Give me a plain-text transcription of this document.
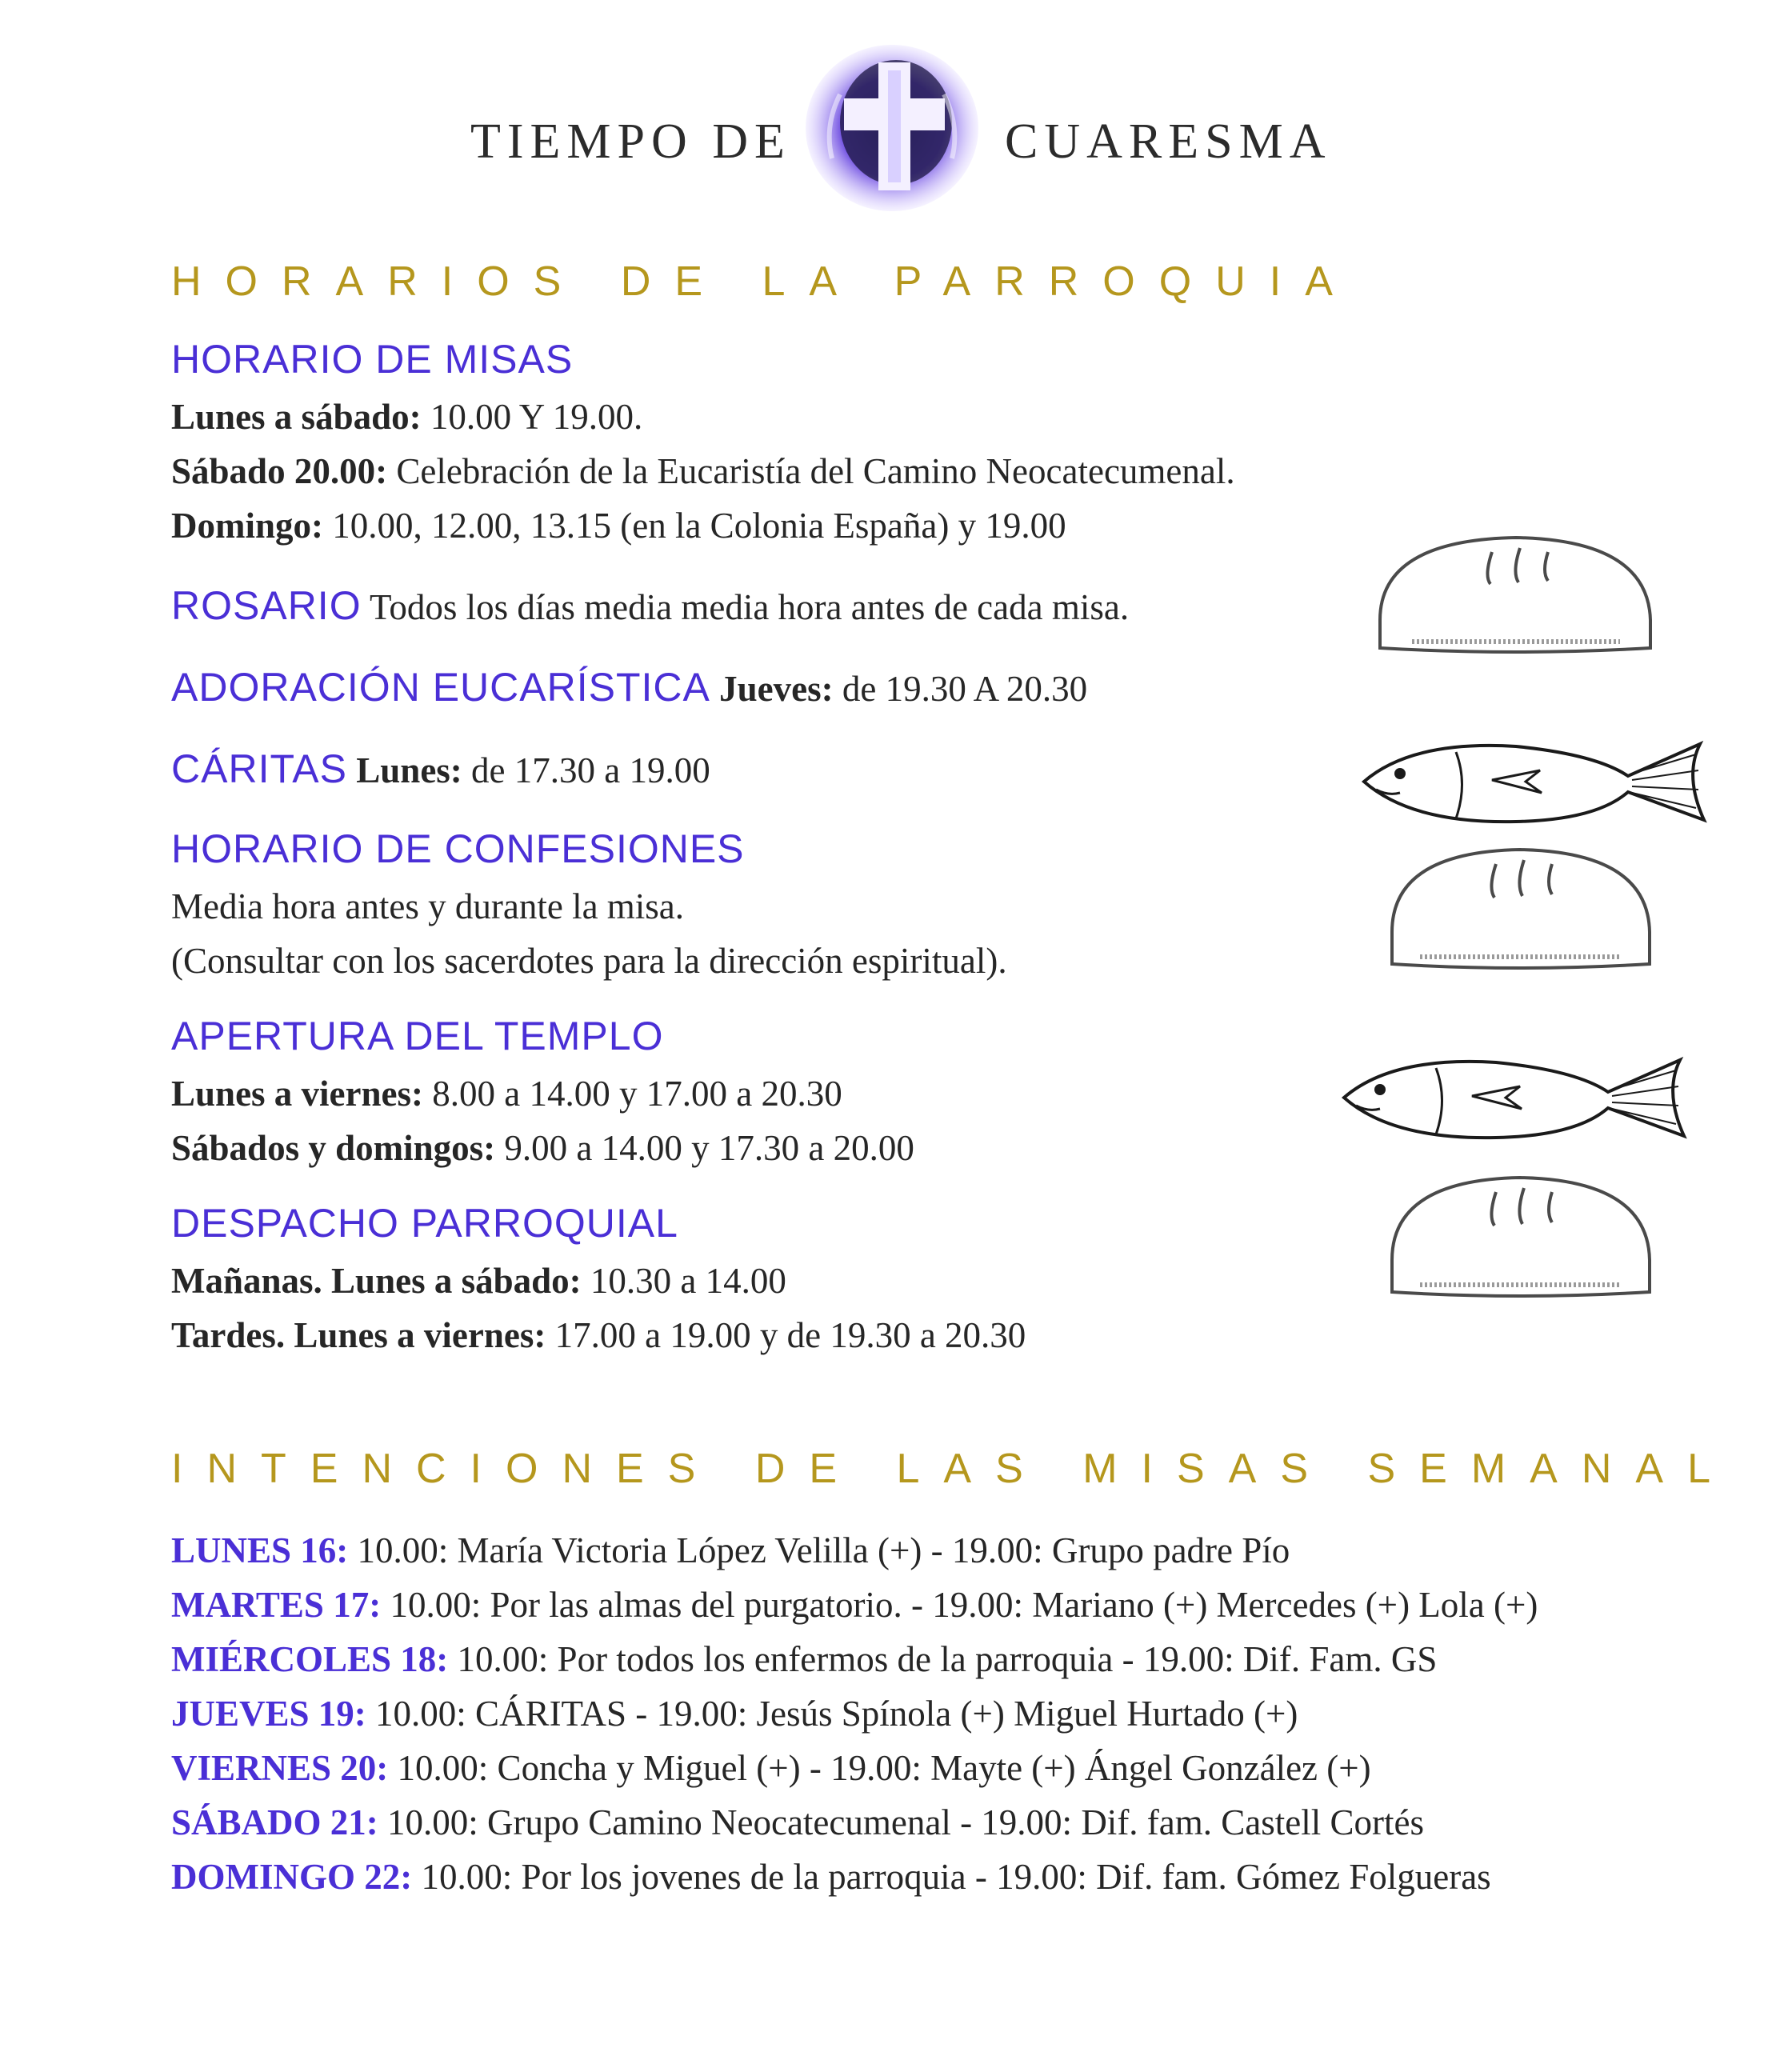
TIEMPO DE	CUARESMA
HORARIOS DE LA PARROQUIA
HORARIO DE MISAS
Lunes a sábado: 10.00 Y 19.00.
Sábado 20.00: Celebración de la Eucaristía del Camino Neocatecumenal.
Domingo: 10.00, 12.00, 13.15 (en la Colonia España) y 19.00
ROSARIO Todos los días media media hora antes de cada misa.
ADORACIÓN EUCARÍSTICA Jueves: de 19.30 A 20.30
CÁRITAS Lunes: de 17.30 a 19.00
HORARIO DE CONFESIONES
Media hora antes y durante la misa.
(Consultar con los sacerdotes para la dirección espiritual).
APERTURA DEL TEMPLO
Lunes a viernes: 8.00 a 14.00 y 17.00 a 20.30
Sábados y domingos: 9.00 a 14.00 y 17.30 a 20.00
DESPACHO PARROQUIAL
Mañanas. Lunes a sábado: 10.30 a 14.00
Tardes. Lunes a viernes: 17.00 a 19.00 y de 19.30 a 20.30
INTENCIONES DE LAS MISAS SEMANAL
LUNES 16: 10.00: María Victoria López Velilla (+) - 19.00: Grupo padre Pío
MARTES 17: 10.00: Por las almas del purgatorio. - 19.00: Mariano (+) Mercedes (+) Lola (+)
MIÉRCOLES 18: 10.00: Por todos los enfermos de la parroquia - 19.00: Dif. Fam. GS
JUEVES 19: 10.00: CÁRITAS - 19.00: Jesús Spínola (+) Miguel Hurtado (+)
VIERNES 20: 10.00: Concha y Miguel (+) - 19.00: Mayte (+) Ángel González (+)
SÁBADO 21: 10.00: Grupo Camino Neocatecumenal - 19.00: Dif. fam. Castell Cortés
DOMINGO 22: 10.00: Por los jovenes de la parroquia - 19.00: Dif. fam. Gómez Folgueras
